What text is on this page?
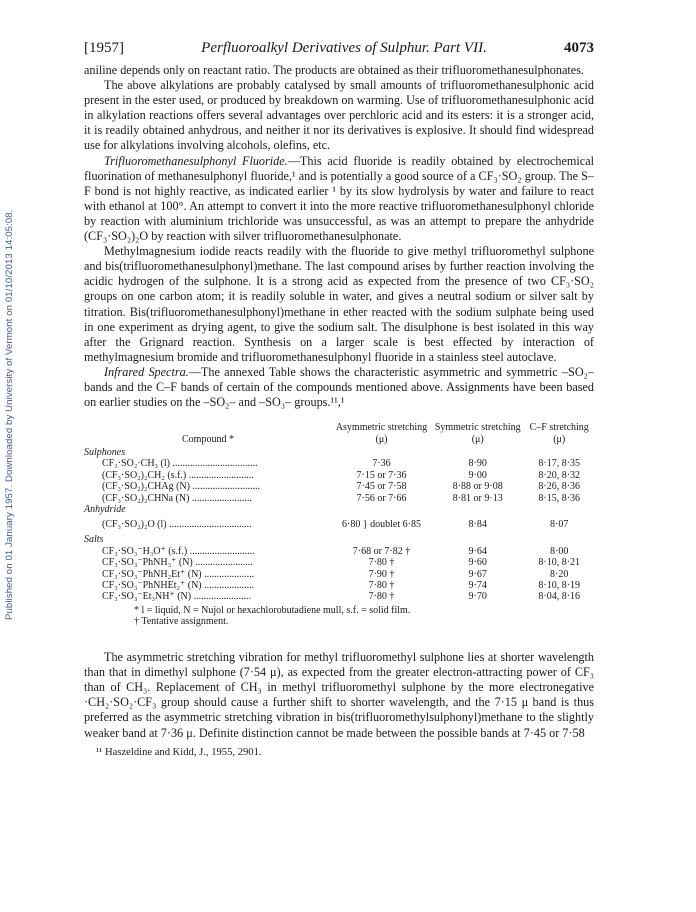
Published on 01 January 1957. Downloaded by University of Vermont on 01/10/2013 14:05:08.
[1957]	Perfluoroalkyl Derivatives of Sulphur. Part VII.	4073

aniline depends only on reactant ratio. The products are obtained as their trifluoromethanesulphonates.

The above alkylations are probably catalysed by small amounts of trifluoromethanesulphonic acid present in the ester used, or produced by breakdown on warming. Use of trifluoromethanesulphonic acid in alkylation reactions offers several advantages over perchloric acid and its esters: it is a stronger acid, it is readily obtained anhydrous, and neither it nor its derivatives is explosive. It should find widespread use for alkylations involving alcohols, olefins, etc.

Trifluoromethanesulphonyl Fluoride.—This acid fluoride is readily obtained by electrochemical fluorination of methanesulphonyl fluoride,¹ and is potentially a good source of a CF₃·SO₂ group. The S–F bond is not highly reactive, as indicated earlier ¹ by its slow hydrolysis by water and failure to react with ethanol at 100°. An attempt to convert it into the more reactive trifluoromethanesulphonyl chloride by reaction with aluminium trichloride was unsuccessful, as was an attempt to prepare the anhydride (CF₃·SO₂)₂O by reaction with silver trifluoromethanesulphonate.

Methylmagnesium iodide reacts readily with the fluoride to give methyl trifluoromethyl sulphone and bis(trifluoromethanesulphonyl)methane. The last compound arises by further reaction involving the acidic hydrogen of the sulphone. It is a strong acid as expected from the presence of two CF₃·SO₂ groups on one carbon atom; it is readily soluble in water, and gives a neutral sodium or silver salt by titration. Bis(trifluoromethanesulphonyl)methane in ether reacted with the sodium sulphate being used in one experiment as drying agent, to give the sodium salt. The disulphone is best isolated in this way after the Grignard reaction. Synthesis on a larger scale is best effected by interaction of methylmagnesium bromide and trifluoromethanesulphonyl fluoride in a stainless steel autoclave.

Infrared Spectra.—The annexed Table shows the characteristic asymmetric and symmetric –SO₂– bands and the C–F bands of certain of the compounds mentioned above. Assignments have been based on earlier studies on the –SO₂– and –SO₃– groups.¹¹,¹

Compound *	Asymmetric stretching (μ)	Symmetric stretching (μ)	C–F stretching (μ)
Sulphones			
CF₃·SO₂·CH₃ (l) ..................................	7·36	8·90	8·17, 8·35
(CF₃·SO₂)₂CH₂ (s.f.) ..........................	7·15 or 7·36	9·00	8·20, 8·32
(CF₃·SO₂)₂CHAg (N) ...........................	7·45 or 7·58	8·88 or 9·08	8·26, 8·36
(CF₃·SO₂)₂CHNa (N) ........................	7·56 or 7·66	8·81 or 9·13	8·15, 8·36
Anhydride			
(CF₃·SO₂)₂O (l) .................................	6·80 } doublet 6·85	8·84	8·07
Salts			
CF₃·SO₃⁻H₃O⁺ (s.f.) ..........................	7·68 or 7·82 †	9·64	8·00
CF₃·SO₃⁻PhNH₃⁺ (N) .......................	7·80 †	9·60	8·10, 8·21
CF₃·SO₃⁻PhNH₂Et⁺ (N) ....................	7·90 †	9·67	8·20
CF₃·SO₃⁻PhNHEt₂⁺ (N) ....................	7·80 †	9·74	8·10, 8·19
CF₃·SO₃⁻Et₃NH⁺ (N) .......................	7·80 †	9·70	8·04, 8·16
* l = liquid, N = Nujol or hexachlorobutadiene mull, s.f. = solid film.
† Tentative assignment.

The asymmetric stretching vibration for methyl trifluoromethyl sulphone lies at shorter wavelength than that in dimethyl sulphone (7·54 μ), as expected from the greater electron-attracting power of CF₃ than of CH₃. Replacement of CH₃ in methyl trifluoromethyl sulphone by the more electronegative ·CH₂·SO₂·CF₃ group should cause a further shift to shorter wavelength, and the 7·15 μ band is thus preferred as the asymmetric stretching vibration in bis(trifluoromethylsulphonyl)methane to the slightly weaker band at 7·36 μ. Definite distinction cannot be made between the possible bands at 7·45 or 7·58

¹¹ Haszeldine and Kidd, J., 1955, 2901.
